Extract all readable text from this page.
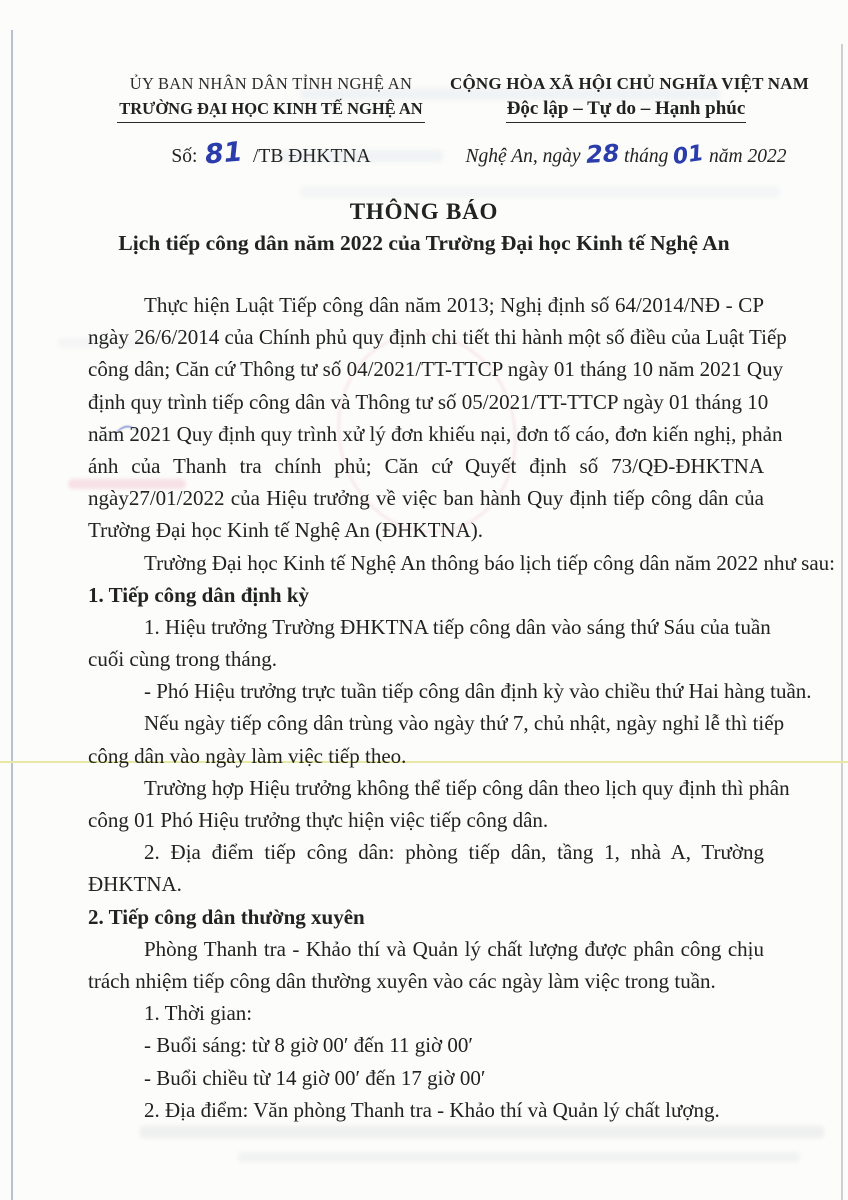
ỦY BAN NHÂN DÂN TỈNH NGHỆ AN
TRƯỜNG ĐẠI HỌC KINH TẾ NGHỆ AN
Số: 81 /TB ĐHKTNA
CỘNG HÒA XÃ HỘI CHỦ NGHĨA VIỆT NAM
Độc lập – Tự do – Hạnh phúc
Nghệ An, ngày 28 tháng 01 năm 2022
THÔNG BÁO
Lịch tiếp công dân năm 2022 của Trường Đại học Kinh tế Nghệ An
Thực hiện Luật Tiếp công dân năm 2013; Nghị định số 64/2014/NĐ - CP
ngày 26/6/2014 của Chính phủ quy định chi tiết thi hành một số điều của Luật Tiếp
công dân; Căn cứ Thông tư số 04/2021/TT-TTCP ngày 01 tháng 10 năm 2021 Quy
định quy trình tiếp công dân và Thông tư số 05/2021/TT-TTCP ngày 01 tháng 10
năm 2021 Quy định quy trình xử lý đơn khiếu nại, đơn tố cáo, đơn kiến nghị, phản
ánh của Thanh tra chính phủ; Căn cứ Quyết định số 73/QĐ-ĐHKTNA
ngày27/01/2022 của Hiệu trưởng về việc ban hành Quy định tiếp công dân của
Trường Đại học Kinh tế Nghệ An (ĐHKTNA).
Trường Đại học Kinh tế Nghệ An thông báo lịch tiếp công dân năm 2022 như sau:
1. Tiếp công dân định kỳ
1. Hiệu trưởng Trường ĐHKTNA tiếp công dân vào sáng thứ Sáu của tuần
cuối cùng trong tháng.
- Phó Hiệu trưởng trực tuần tiếp công dân định kỳ vào chiều thứ Hai hàng tuần.
Nếu ngày tiếp công dân trùng vào ngày thứ 7, chủ nhật, ngày nghỉ lễ thì tiếp
công dân vào ngày làm việc tiếp theo.
Trường hợp Hiệu trưởng không thể tiếp công dân theo lịch quy định thì phân
công 01 Phó Hiệu trưởng thực hiện việc tiếp công dân.
2. Địa điểm tiếp công dân: phòng tiếp dân, tầng 1, nhà A, Trường
ĐHKTNA.
2. Tiếp công dân thường xuyên
Phòng Thanh tra - Khảo thí và Quản lý chất lượng được phân công chịu
trách nhiệm tiếp công dân thường xuyên vào các ngày làm việc trong tuần.
1. Thời gian:
- Buổi sáng: từ 8 giờ 00′ đến 11 giờ 00′
- Buổi chiều từ 14 giờ 00′ đến 17 giờ 00′
2. Địa điểm: Văn phòng Thanh tra - Khảo thí và Quản lý chất lượng.
